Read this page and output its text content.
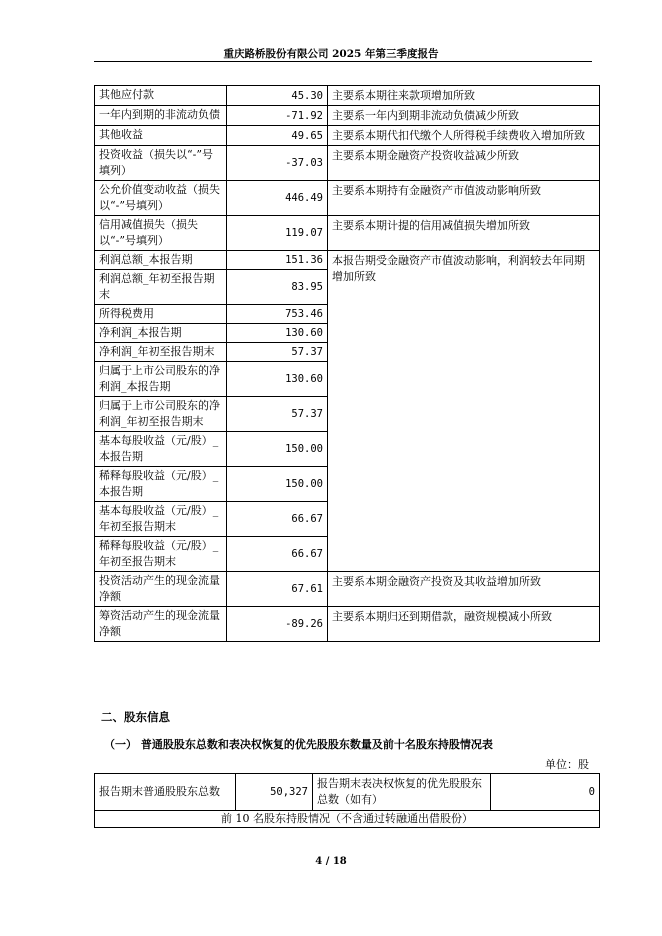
重庆路桥股份有限公司 2025 年第三季度报告
其他应付款	45.30	主要系本期往来款项增加所致
一年内到期的非流动负债	-71.92	主要系一年内到期非流动负债减少所致
其他收益	49.65	主要系本期代扣代缴个人所得税手续费收入增加所致
投资收益（损失以“-”号填列）	-37.03	主要系本期金融资产投资收益减少所致
公允价值变动收益（损失以“-”号填列）	446.49	主要系本期持有金融资产市值波动影响所致
信用减值损失（损失以“-”号填列）	119.07	主要系本期计提的信用减值损失增加所致
利润总额_本报告期	151.36	本报告期受金融资产市值波动影响，利润较去年同期增加所致
利润总额_年初至报告期末	83.95	
所得税费用	753.46	
净利润_本报告期	130.60	
净利润_年初至报告期末	57.37	
归属于上市公司股东的净利润_本报告期	130.60	
归属于上市公司股东的净利润_年初至报告期末	57.37	
基本每股收益（元/股）_本报告期	150.00	
稀释每股收益（元/股）_本报告期	150.00	
基本每股收益（元/股）_年初至报告期末	66.67	
稀释每股收益（元/股）_年初至报告期末	66.67	
投资活动产生的现金流量净额	67.61	主要系本期金融资产投资及其收益增加所致
筹资活动产生的现金流量净额	-89.26	主要系本期归还到期借款，融资规模减小所致
二、股东信息
（一） 普通股股东总数和表决权恢复的优先股股东数量及前十名股东持股情况表
单位：股
报告期末普通股股东总数	50,327	报告期末表决权恢复的优先股股东总数（如有）	0
前 10 名股东持股情况（不含通过转融通出借股份）
4 / 18
